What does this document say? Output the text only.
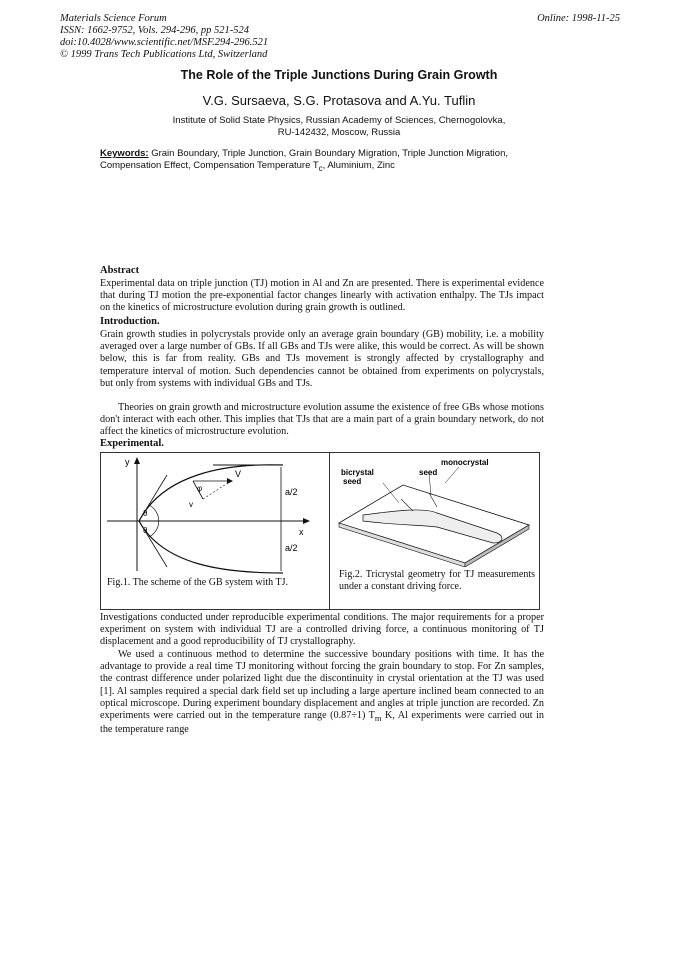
Materials Science Forum
ISSN: 1662-9752, Vols. 294-296, pp 521-524
doi:10.4028/www.scientific.net/MSF.294-296.521
© 1999 Trans Tech Publications Ltd, Switzerland
Online: 1998-11-25
The Role of the Triple Junctions During Grain Growth
V.G. Sursaeva, S.G. Protasova and A.Yu. Tuflin
Institute of Solid State Physics, Russian Academy of Sciences, Chernogolovka,
RU-142432, Moscow, Russia
Keywords: Grain Boundary, Triple Junction, Grain Boundary Migration, Triple Junction Migration, Compensation Effect, Compensation Temperature $T_c$, Aluminium, Zinc
Abstract
Experimental data on triple junction (TJ) motion in Al and Zn are presented. There is experimental evidence that during TJ motion the pre-exponential factor changes linearly with activation enthalpy. The TJs impact on the kinetics of microstructure evolution during grain growth is outlined.
Introduction.
Grain growth studies in polycrystals provide only an average grain boundary (GB) mobility, i.e. a mobility averaged over a large number of GBs. If all GBs and TJs were alike, this would be correct. As will be shown below, this is far from reality. GBs and TJs movement is strongly affected by crystallography and temperature interval of motion. Such dependencies cannot be obtained from experiments on polycrystals, but only from systems with individual GBs and TJs.
Theories on grain growth and microstructure evolution assume the existence of free GBs whose motions don't interact with each other. This implies that TJs that are a main part of a grain boundary network, do not affect the kinetics of microstructure evolution.
Experimental.
y
x
V
v
φ
θ
θ
a/2
a/2
Fig.1. The scheme of the GB system with TJ.
monocrystal
bicrystal
seed
seed
Fig.2. Tricrystal geometry for TJ measurements under a constant driving force.
Investigations conducted under reproducible experimental conditions. The major requirements for a proper experiment on system with individual TJ are a controlled driving force, a continuous monitoring of TJ displacement and a good reproducibility of TJ crystallography.
We used a continuous method to determine the successive boundary positions with time. It has the advantage to provide a real time TJ monitoring without forcing the grain boundary to stop. For Zn samples, the contrast difference under polarized light due the discontinuity in crystal orientation at the TJ was used [1]. Al samples required a special dark field set up including a large aperture inclined beam connected to an optical microscope. During experiment boundary displacement and angles at triple junction are recorded. Zn experiments were carried out in the temperature range (0.87÷1) $T_m$ K, Al experiments were carried out in the temperature range
